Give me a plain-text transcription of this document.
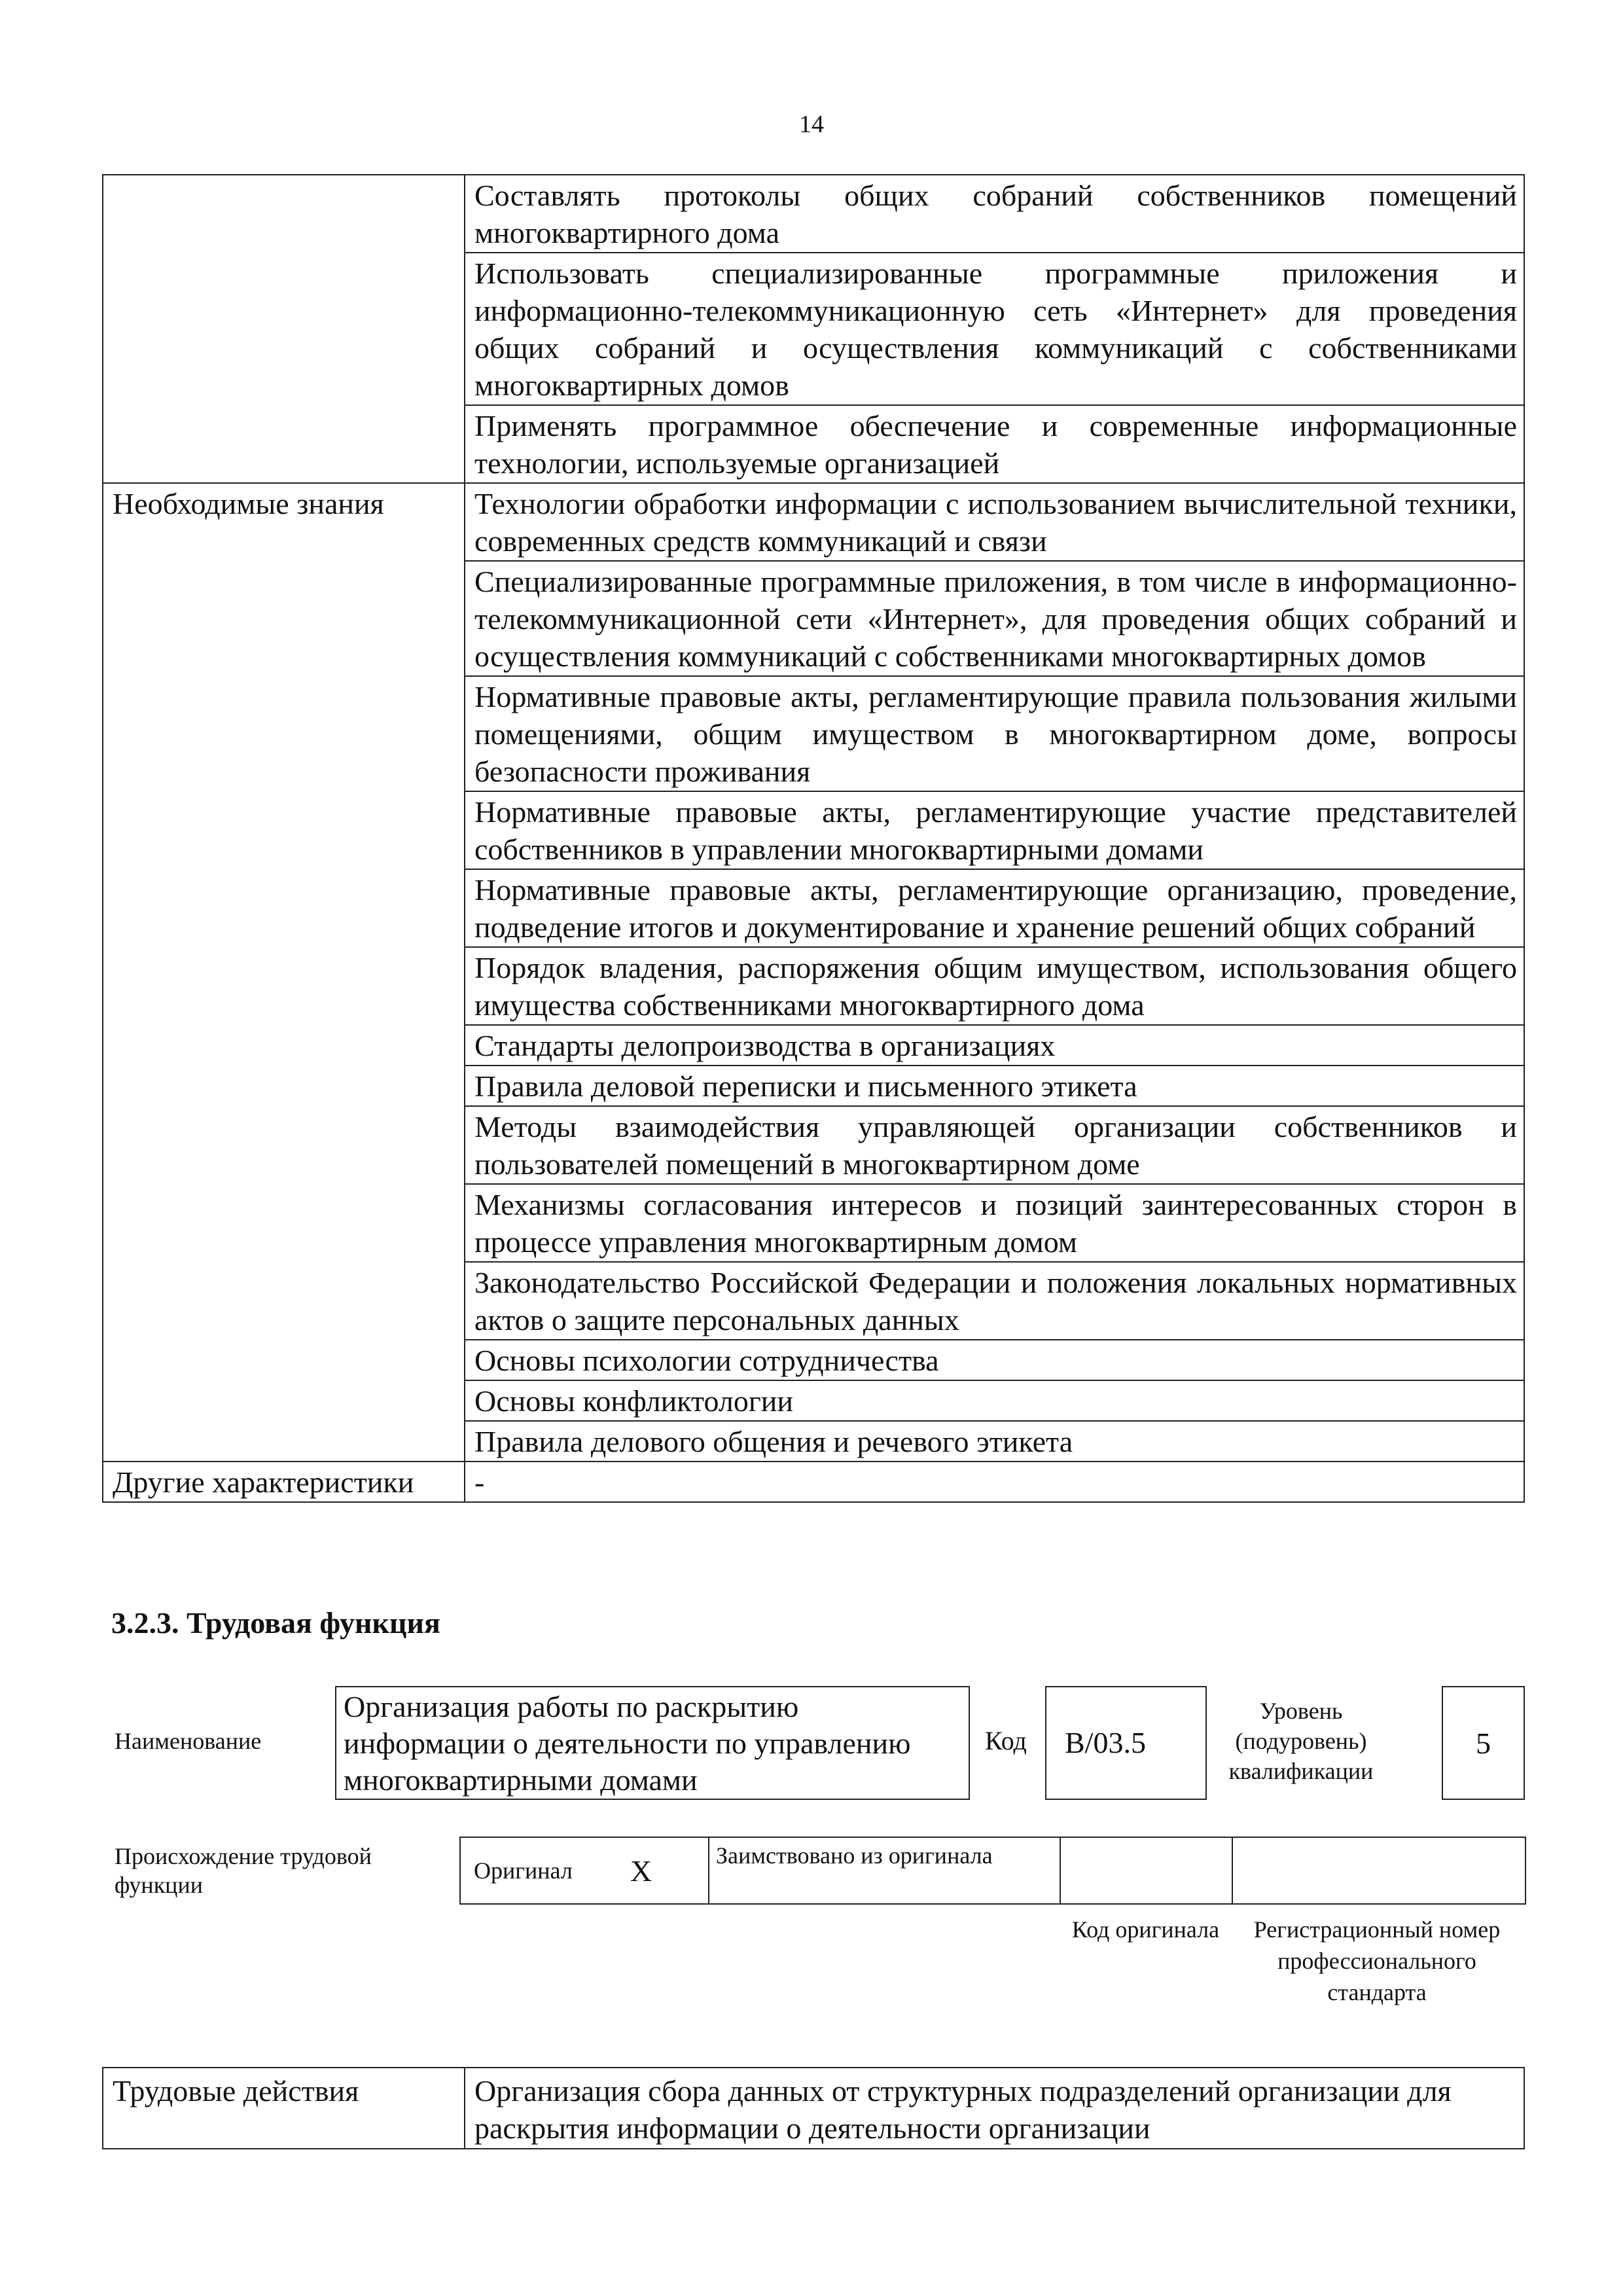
14
	Составлять протоколы общих собраний собственников помещений многоквартирного дома
	Использовать специализированные программные приложения и информационно-телекоммуникационную сеть «Интернет» для проведения общих собраний и осуществления коммуникаций с собственниками многоквартирных домов
	Применять программное обеспечение и современные информационные технологии, используемые организацией
Необходимые знания	Технологии обработки информации с использованием вычислительной техники, современных средств коммуникаций и связи
	Специализированные программные приложения, в том числе в информационно-телекоммуникационной сети «Интернет», для проведения общих собраний и осуществления коммуникаций с собственниками многоквартирных домов
	Нормативные правовые акты, регламентирующие правила пользования жилыми помещениями, общим имуществом в многоквартирном доме, вопросы безопасности проживания
	Нормативные правовые акты, регламентирующие участие представителей собственников в управлении многоквартирными домами
	Нормативные правовые акты, регламентирующие организацию, проведение, подведение итогов и документирование и хранение решений общих собраний
	Порядок владения, распоряжения общим имуществом, использования общего имущества собственниками многоквартирного дома
	Стандарты делопроизводства в организациях
	Правила деловой переписки и письменного этикета
	Методы взаимодействия управляющей организации собственников и пользователей помещений в многоквартирном доме
	Механизмы согласования интересов и позиций заинтересованных сторон в процессе управления многоквартирным домом
	Законодательство Российской Федерации и положения локальных нормативных актов о защите персональных данных
	Основы психологии сотрудничества
	Основы конфликтологии
	Правила делового общения и речевого этикета
Другие характеристики	-
3.2.3. Трудовая функция
Наименование
Организация работы по раскрытию информации о деятельности по управлению многоквартирными домами
Код	B/03.5
Уровень (подуровень) квалификации
5
Происхождение трудовой функции
Оригинал	X	Заимствовано из оригинала		
Код оригинала	Регистрационный номер профессионального стандарта
Трудовые действия	Организация сбора данных от структурных подразделений организации для раскрытия информации о деятельности организации
